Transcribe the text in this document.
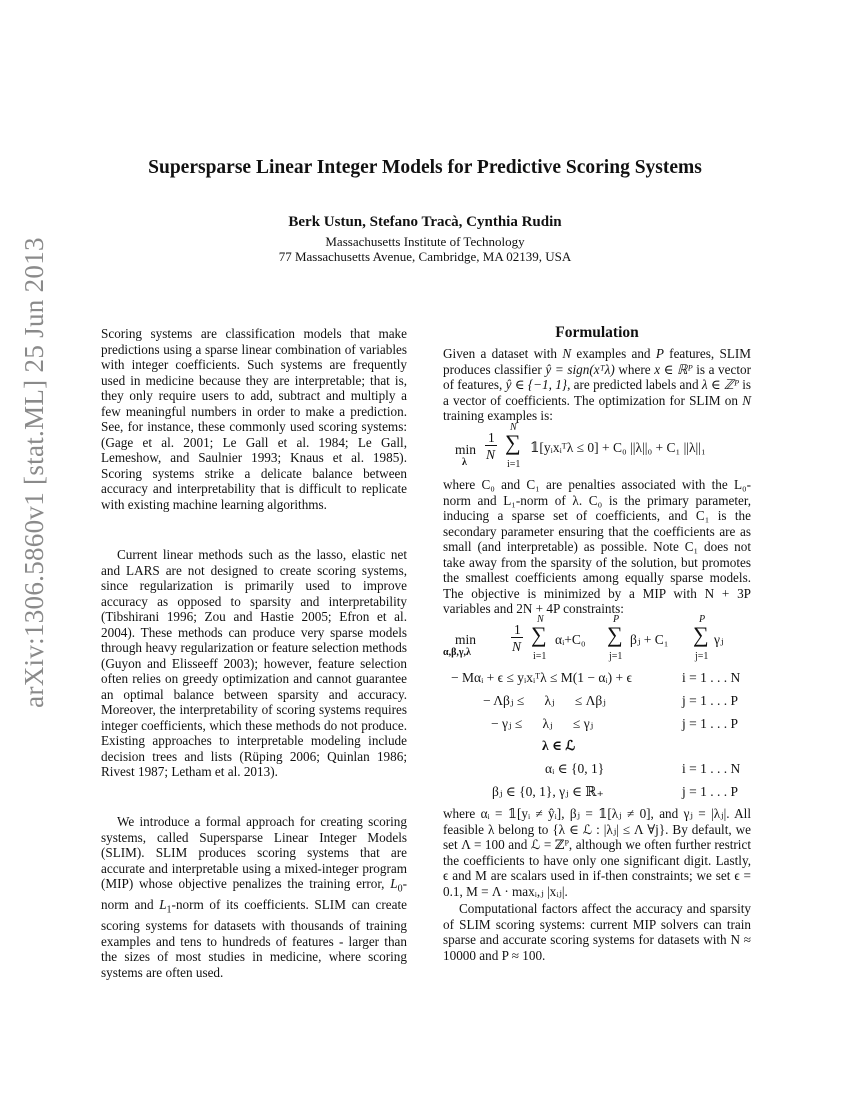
arXiv:1306.5860v1 [stat.ML] 25 Jun 2013
Supersparse Linear Integer Models for Predictive Scoring Systems
Berk Ustun, Stefano Tracà, Cynthia Rudin
Massachusetts Institute of Technology
77 Massachusetts Avenue, Cambridge, MA 02139, USA

Scoring systems are classification models that make predictions using a sparse linear combination of variables with integer coefficients. Such systems are frequently used in medicine because they are interpretable; that is, they only require users to add, subtract and multiply a few meaningful numbers in order to make a prediction. See, for instance, these commonly used scoring systems: (Gage et al. 2001; Le Gall et al. 1984; Le Gall, Lemeshow, and Saulnier 1993; Knaus et al. 1985). Scoring systems strike a delicate balance between accuracy and interpretability that is difficult to replicate with existing machine learning algorithms.

Current linear methods such as the lasso, elastic net and LARS are not designed to create scoring systems, since regularization is primarily used to improve accuracy as opposed to sparsity and interpretability (Tibshirani 1996; Zou and Hastie 2005; Efron et al. 2004). These methods can produce very sparse models through heavy regularization or feature selection methods (Guyon and Elisseeff 2003); however, feature selection often relies on greedy optimization and cannot guarantee an optimal balance between sparsity and accuracy. Moreover, the interpretability of scoring systems requires integer coefficients, which these methods do not produce. Existing approaches to interpretable modeling include decision trees and lists (Rüping 2006; Quinlan 1986; Rivest 1987; Letham et al. 2013).

We introduce a formal approach for creating scoring systems, called Supersparse Linear Integer Models (SLIM). SLIM produces scoring systems that are accurate and interpretable using a mixed-integer program (MIP) whose objective penalizes the training error, $L_0$-norm and $L_1$-norm of its coefficients. SLIM can create scoring systems for datasets with thousands of training examples and tens to hundreds of features - larger than the sizes of most studies in medicine, where scoring systems are often used.

Formulation

Given a dataset with N examples and P features, SLIM produces classifier ŷ = sign(xᵀλ) where x ∈ ℝᴾ is a vector of features, ŷ ∈ {−1, 1}, are predicted labels and λ ∈ ℤᴾ is a vector of coefficients. The optimization for SLIM on N training examples is:

min
λ
1
N
N
∑
i=1
𝟙[yᵢxᵢᵀλ ≤ 0] + C₀ ||λ||₀ + C₁ ||λ||₁

where C₀ and C₁ are penalties associated with the L₀-norm and L₁-norm of λ. C₀ is the primary parameter, inducing a sparse set of coefficients, and C₁ is the secondary parameter ensuring that the coefficients are as small (and interpretable) as possible. Note C₁ does not take away from the sparsity of the solution, but promotes the smallest coefficients among equally sparse models. The objective is minimized by a MIP with N + 3P variables and 2N + 4P constraints:

min
α,β,γ,λ
1
N
N
∑
i=1
αᵢ+C₀
P
∑
j=1
βⱼ + C₁
P
∑
j=1
γⱼ
− Mαᵢ + ϵ ≤ yᵢxᵢᵀλ ≤ M(1 − αᵢ) + ϵ	i = 1 . . . N
− Λβⱼ ≤      λⱼ      ≤ Λβⱼ	j = 1 . . . P
− γⱼ ≤      λⱼ      ≤ γⱼ	j = 1 . . . P
λ ∈ ℒ
αᵢ ∈ {0, 1}	i = 1 . . . N
βⱼ ∈ {0, 1}, γⱼ ∈ ℝ₊	j = 1 . . . P

where αᵢ = 𝟙[yᵢ ≠ ŷᵢ], βⱼ = 𝟙[λⱼ ≠ 0], and γⱼ = |λⱼ|. All feasible λ belong to {λ ∈ ℒ : |λⱼ| ≤ Λ ∀j}. By default, we set Λ = 100 and ℒ = ℤᴾ, although we often further restrict the coefficients to have only one significant digit. Lastly, ϵ and M are scalars used in if-then constraints; we set ϵ = 0.1, M = Λ · maxᵢ,ⱼ |xᵢⱼ|.

Computational factors affect the accuracy and sparsity of SLIM scoring systems: current MIP solvers can train sparse and accurate scoring systems for datasets with N ≈ 10000 and P ≈ 100.
